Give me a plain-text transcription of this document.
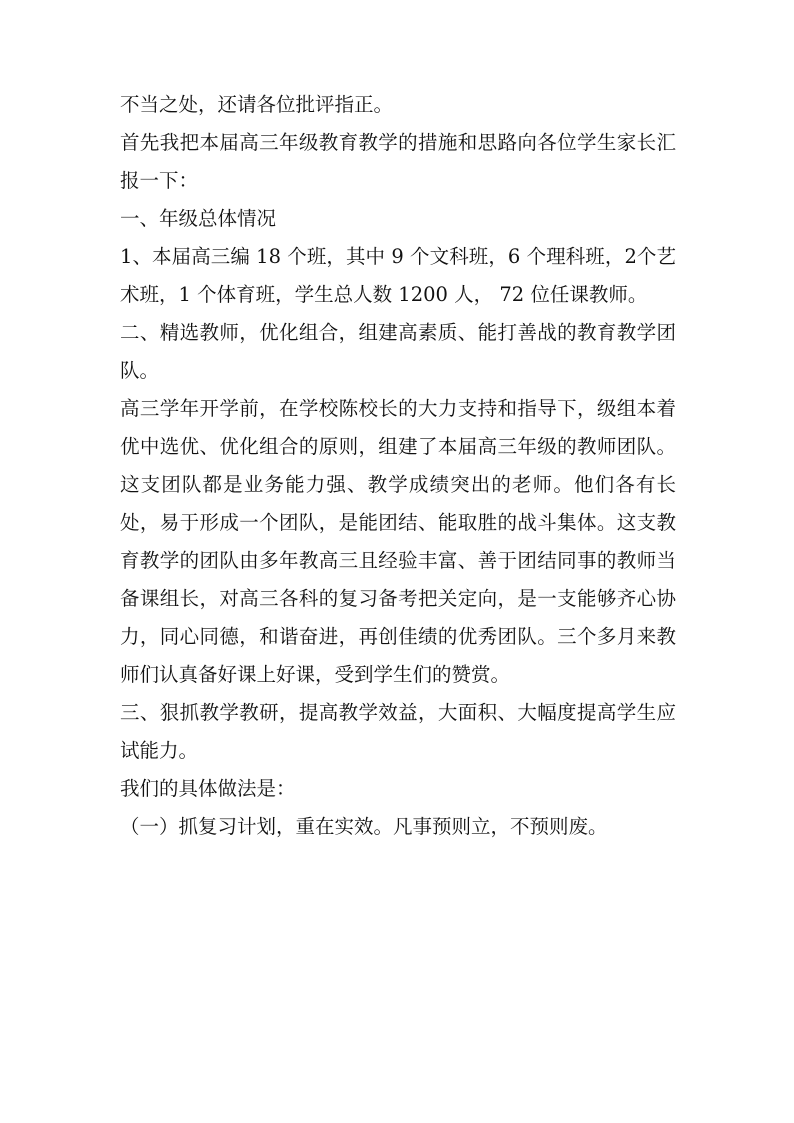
不当之处，还请各位批评指正。

首先我把本届高三年级教育教学的措施和思路向各位学生家长汇报一下：

一、年级总体情况

1、本届高三编 18 个班，其中 9 个文科班，6 个理科班，2个艺术班，1 个体育班，学生总人数 1200 人， 72 位任课教师。

二、精选教师，优化组合，组建高素质、能打善战的教育教学团队。

高三学年开学前，在学校陈校长的大力支持和指导下，级组本着优中选优、优化组合的原则，组建了本届高三年级的教师团队。这支团队都是业务能力强、教学成绩突出的老师。他们各有长处，易于形成一个团队，是能团结、能取胜的战斗集体。这支教育教学的团队由多年教高三且经验丰富、善于团结同事的教师当备课组长，对高三各科的复习备考把关定向，是一支能够齐心协力，同心同德，和谐奋进，再创佳绩的优秀团队。三个多月来教师们认真备好课上好课，受到学生们的赞赏。

三、狠抓教学教研，提高教学效益，大面积、大幅度提高学生应试能力。

我们的具体做法是：

（一）抓复习计划，重在实效。凡事预则立，不预则废。
